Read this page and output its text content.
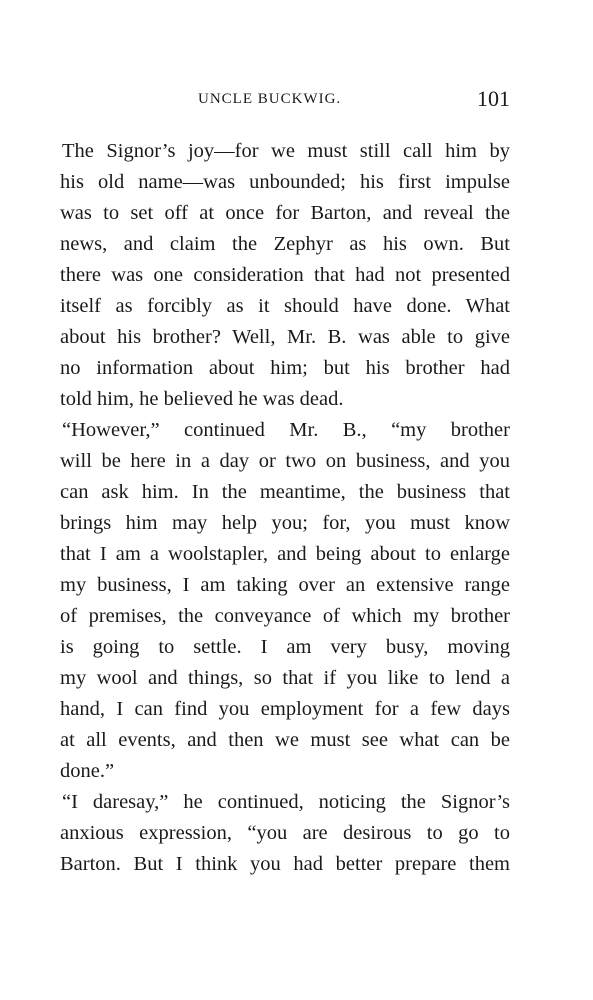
UNCLE BUCKWIG.	101
The Signor’s joy—for we must still call him by
his old name—was unbounded; his first impulse
was to set off at once for Barton, and reveal the
news, and claim the Zephyr as his own. But
there was one consideration that had not presented
itself as forcibly as it should have done. What
about his brother? Well, Mr. B. was able to give
no information about him; but his brother had
told him, he believed he was dead.
“However,” continued Mr. B., “my brother
will be here in a day or two on business, and you
can ask him. In the meantime, the business that
brings him may help you; for, you must know
that I am a woolstapler, and being about to enlarge
my business, I am taking over an extensive range
of premises, the conveyance of which my brother
is going to settle. I am very busy, moving
my wool and things, so that if you like to lend a
hand, I can find you employment for a few days
at all events, and then we must see what can be
done.”
“I daresay,” he continued, noticing the Signor’s
anxious expression, “you are desirous to go to
Barton. But I think you had better prepare them
